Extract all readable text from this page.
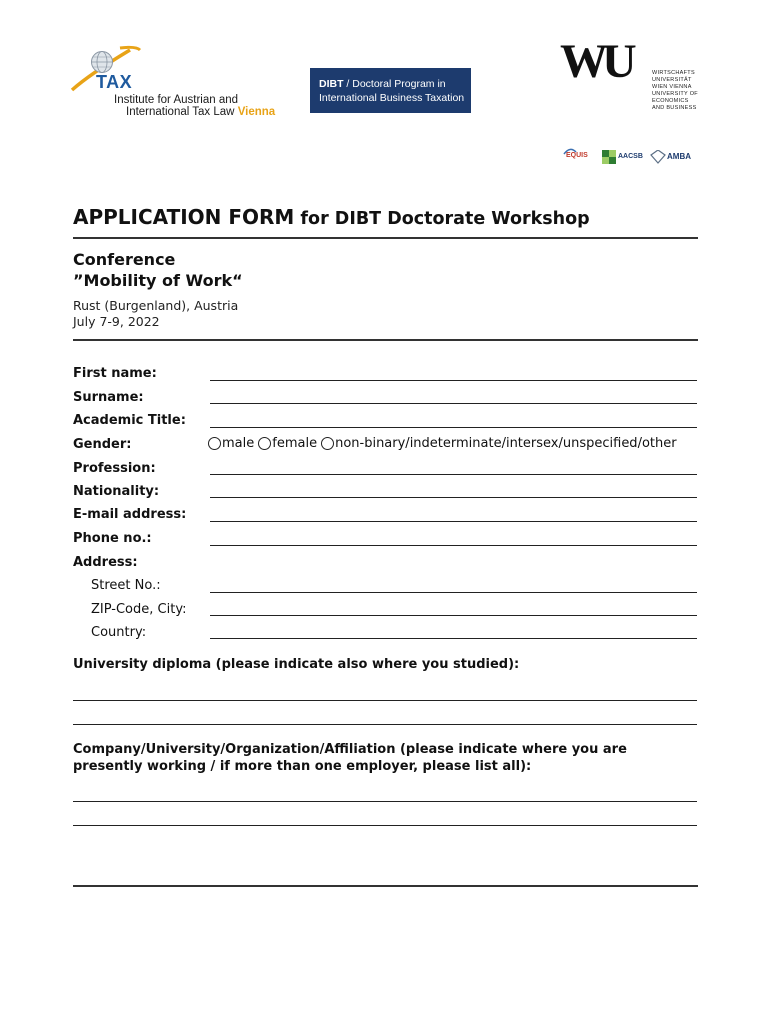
TAX
Institute for Austrian and
International Tax Law Vienna
DIBT / Doctoral Program in
International Business Taxation
WU	WIRTSCHAFTS
UNIVERSITÄT
WIEN VIENNA
UNIVERSITY OF
ECONOMICS
AND BUSINESS
EQUIS	AACSB	AMBA
APPLICATION FORM for DIBT Doctorate Workshop
Conference
”Mobility of Work“
Rust (Burgenland), Austria
July 7-9, 2022
First name:
Surname:
Academic Title:
Gender:	male female non-binary/indeterminate/intersex/unspecified/other
Profession:
Nationality:
E-mail address:
Phone no.:
Address:
Street No.:
ZIP-Code, City:
Country:
University diploma (please indicate also where you studied):
Company/University/Organization/Affiliation (please indicate where you are presently working / if more than one employer, please list all):
